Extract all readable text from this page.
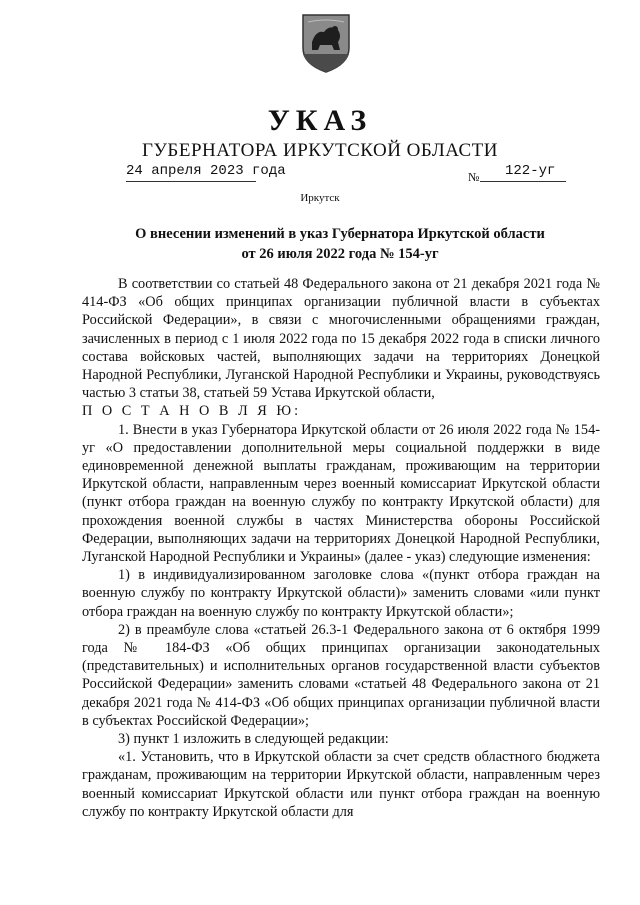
УКАЗ
ГУБЕРНАТОРА ИРКУТСКОЙ ОБЛАСТИ
24 апреля 2023 года	№ 122-уг
Иркутск
О внесении изменений в указ Губернатора Иркутской области
от 26 июля 2022 года № 154-уг

В соответствии со статьей 48 Федерального закона от 21 декабря 2021 года № 414-ФЗ «Об общих принципах организации публичной власти в субъектах Российской Федерации», в связи с многочисленными обращениями граждан, зачисленных в период с 1 июля 2022 года по 15 декабря 2022 года в списки личного состава войсковых частей, выполняющих задачи на территориях Донецкой Народной Республики, Луганской Народной Республики и Украины, руководствуясь частью 3 статьи 38, статьей 59 Устава Иркутской области,

П О С Т А Н О В Л Я Ю:

1. Внести в указ Губернатора Иркутской области от 26 июля 2022 года № 154-уг «О предоставлении дополнительной меры социальной поддержки в виде единовременной денежной выплаты гражданам, проживающим на территории Иркутской области, направленным через военный комиссариат Иркутской области (пункт отбора граждан на военную службу по контракту Иркутской области) для прохождения военной службы в частях Министерства обороны Российской Федерации, выполняющих задачи на территориях Донецкой Народной Республики, Луганской Народной Республики и Украины» (далее - указ) следующие изменения:

1) в индивидуализированном заголовке слова «(пункт отбора граждан на военную службу по контракту Иркутской области)» заменить словами «или пункт отбора граждан на военную службу по контракту Иркутской области»;

2) в преамбуле слова «статьей 26.3-1 Федерального закона от 6 октября 1999 года № 184-ФЗ «Об общих принципах организации законодательных (представительных) и исполнительных органов государственной власти субъектов Российской Федерации» заменить словами «статьей 48 Федерального закона от 21 декабря 2021 года № 414-ФЗ «Об общих принципах организации публичной власти в субъектах Российской Федерации»;

3) пункт 1 изложить в следующей редакции:

«1. Установить, что в Иркутской области за счет средств областного бюджета гражданам, проживающим на территории Иркутской области, направленным через военный комиссариат Иркутской области или пункт отбора граждан на военную службу по контракту Иркутской области для
